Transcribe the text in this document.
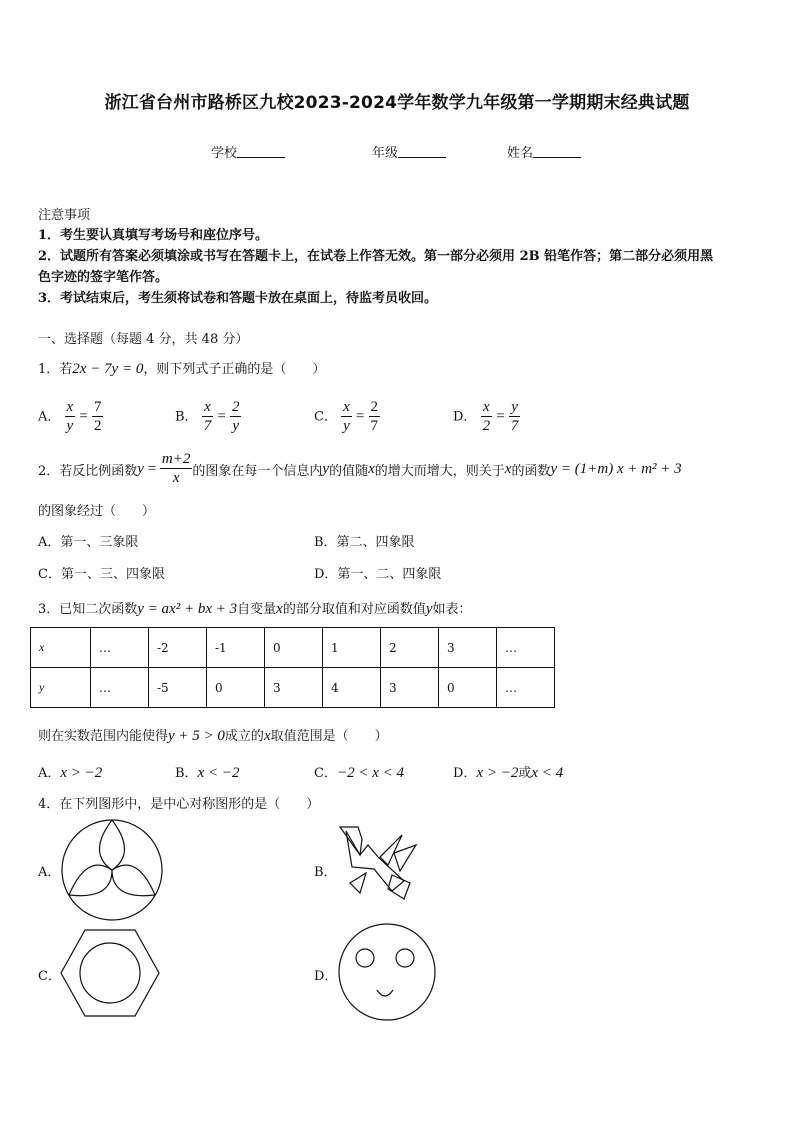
浙江省台州市路桥区九校2023-2024学年数学九年级第一学期期末经典试题
学校	年级	姓名
注意事项
1．考生要认真填写考场号和座位序号。
2．试题所有答案必须填涂或书写在答题卡上，在试卷上作答无效。第一部分必须用 2B 铅笔作答；第二部分必须用黑
色字迹的签字笔作答。
3．考试结束后，考生须将试卷和答题卡放在桌面上，待监考员收回。
一、选择题（每题 4 分，共 48 分）
1．若2x − 7y = 0，则下列式子正确的是（　　）
A． $\frac{x}{y} = \frac{7}{2}$	B． $\frac{x}{7} = \frac{2}{y}$	C． $\frac{x}{y} = \frac{2}{7}$	D． $\frac{x}{2} = \frac{y}{7}$
2．若反比例函数 $y = \frac{m+2}{x}$ 的图象在每一个信息内 y 的值随 x 的增大而增大，则关于 x 的函数 y = (1+m) x + m² + 3
的图象经过（　　）
A．第一、三象限	B．第二、四象限
C．第一、三、四象限	D．第一、二、四象限
3．已知二次函数y = ax² + bx + 3自变量x的部分取值和对应函数值y如表：
x	…	-2	-1	0	1	2	3	…
y	…	-5	0	3	4	3	0	…
则在实数范围内能使得y + 5 > 0成立的x取值范围是（　　）
A．x > −2	B．x < −2	C．−2 < x < 4	D．x > −2或x < 4
4．在下列图形中，是中心对称图形的是（　　）
A．	B．
C．	D．
